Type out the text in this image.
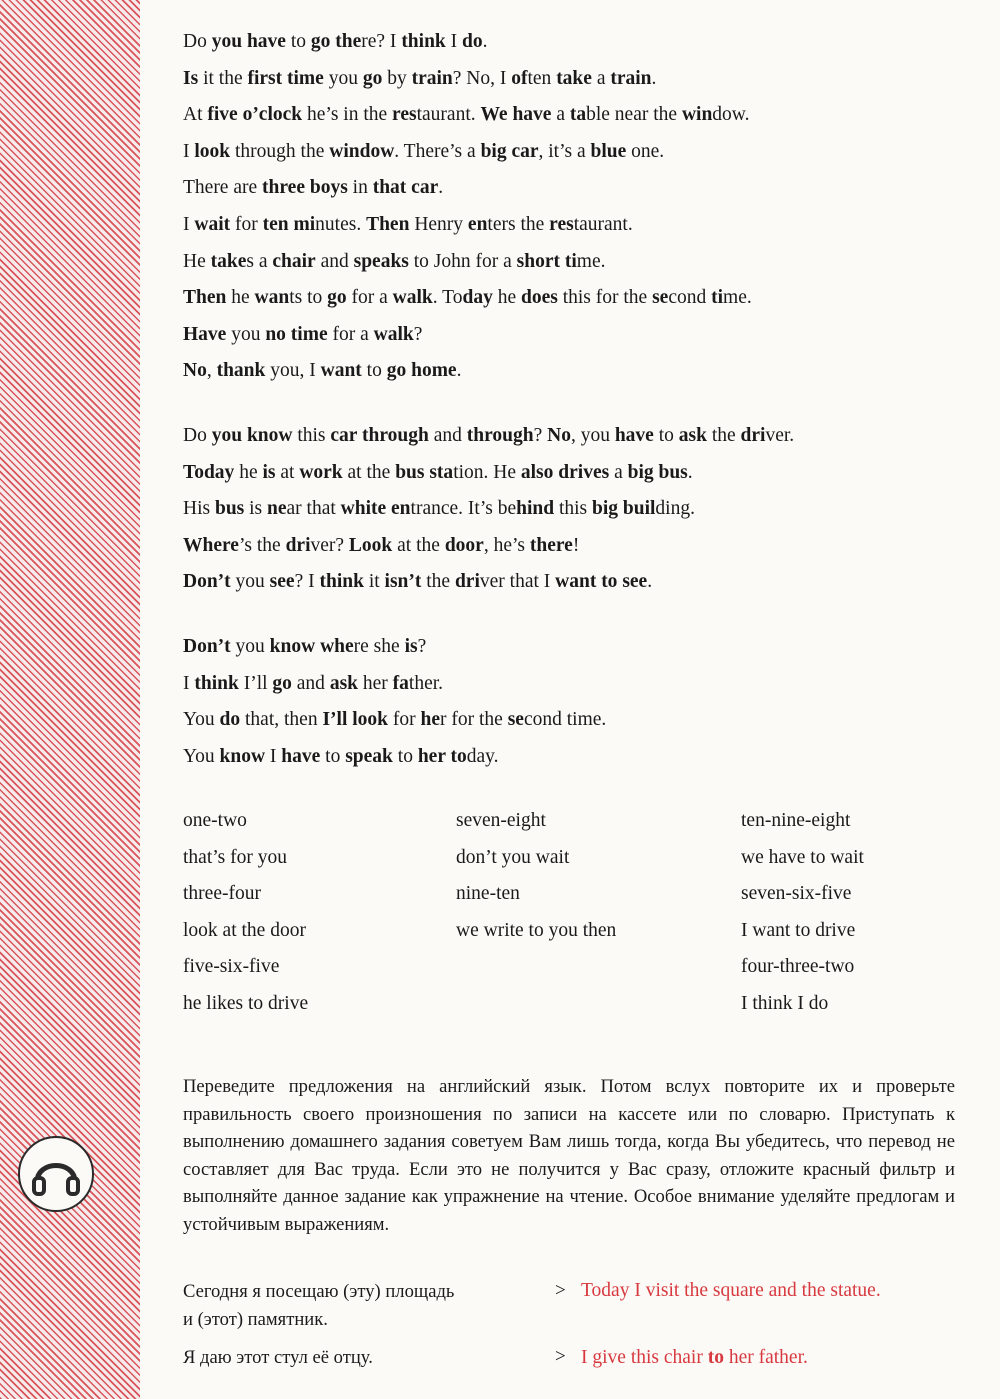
Do you have to go there? I think I do.
Is it the first time you go by train? No, I often take a train.
At five o’clock he’s in the restaurant. We have a table near the window.
I look through the window. There’s a big car, it’s a blue one.
There are three boys in that car.
I wait for ten minutes. Then Henry enters the restaurant.
He takes a chair and speaks to John for a short time.
Then he wants to go for a walk. Today he does this for the second time.
Have you no time for a walk?
No, thank you, I want to go home.
Do you know this car through and through? No, you have to ask the driver.
Today he is at work at the bus station. He also drives a big bus.
His bus is near that white entrance. It’s behind this big building.
Where’s the driver? Look at the door, he’s there!
Don’t you see? I think it isn’t the driver that I want to see.
Don’t you know where she is?
I think I’ll go and ask her father.
You do that, then I’ll look for her for the second time.
You know I have to speak to her today.
one-two
that’s for you
three-four
look at the door
five-six-five
he likes to drive
seven-eight
don’t you wait
nine-ten
we write to you then
ten-nine-eight
we have to wait
seven-six-five
I want to drive
four-three-two
I think I do
Переведите предложения на английский язык. Потом вслух повторите их и проверьте правильность своего произношения по записи на кассете или по словарю. Приступать к выполнению домашнего задания советуем Вам лишь тогда, когда Вы убедитесь, что перевод не составляет для Вас труда. Если это не получится у Вас сразу, отложите красный фильтр и выполняйте данное задание как упражнение на чтение. Особое внимание уделяйте предлогам и устойчивым выражениям.
Сегодня я посещаю (эту) площадь
и (этот) памятник.
> Today I visit the square and the statue.
Я даю этот стул её отцу.	> I give this chair to her father.
